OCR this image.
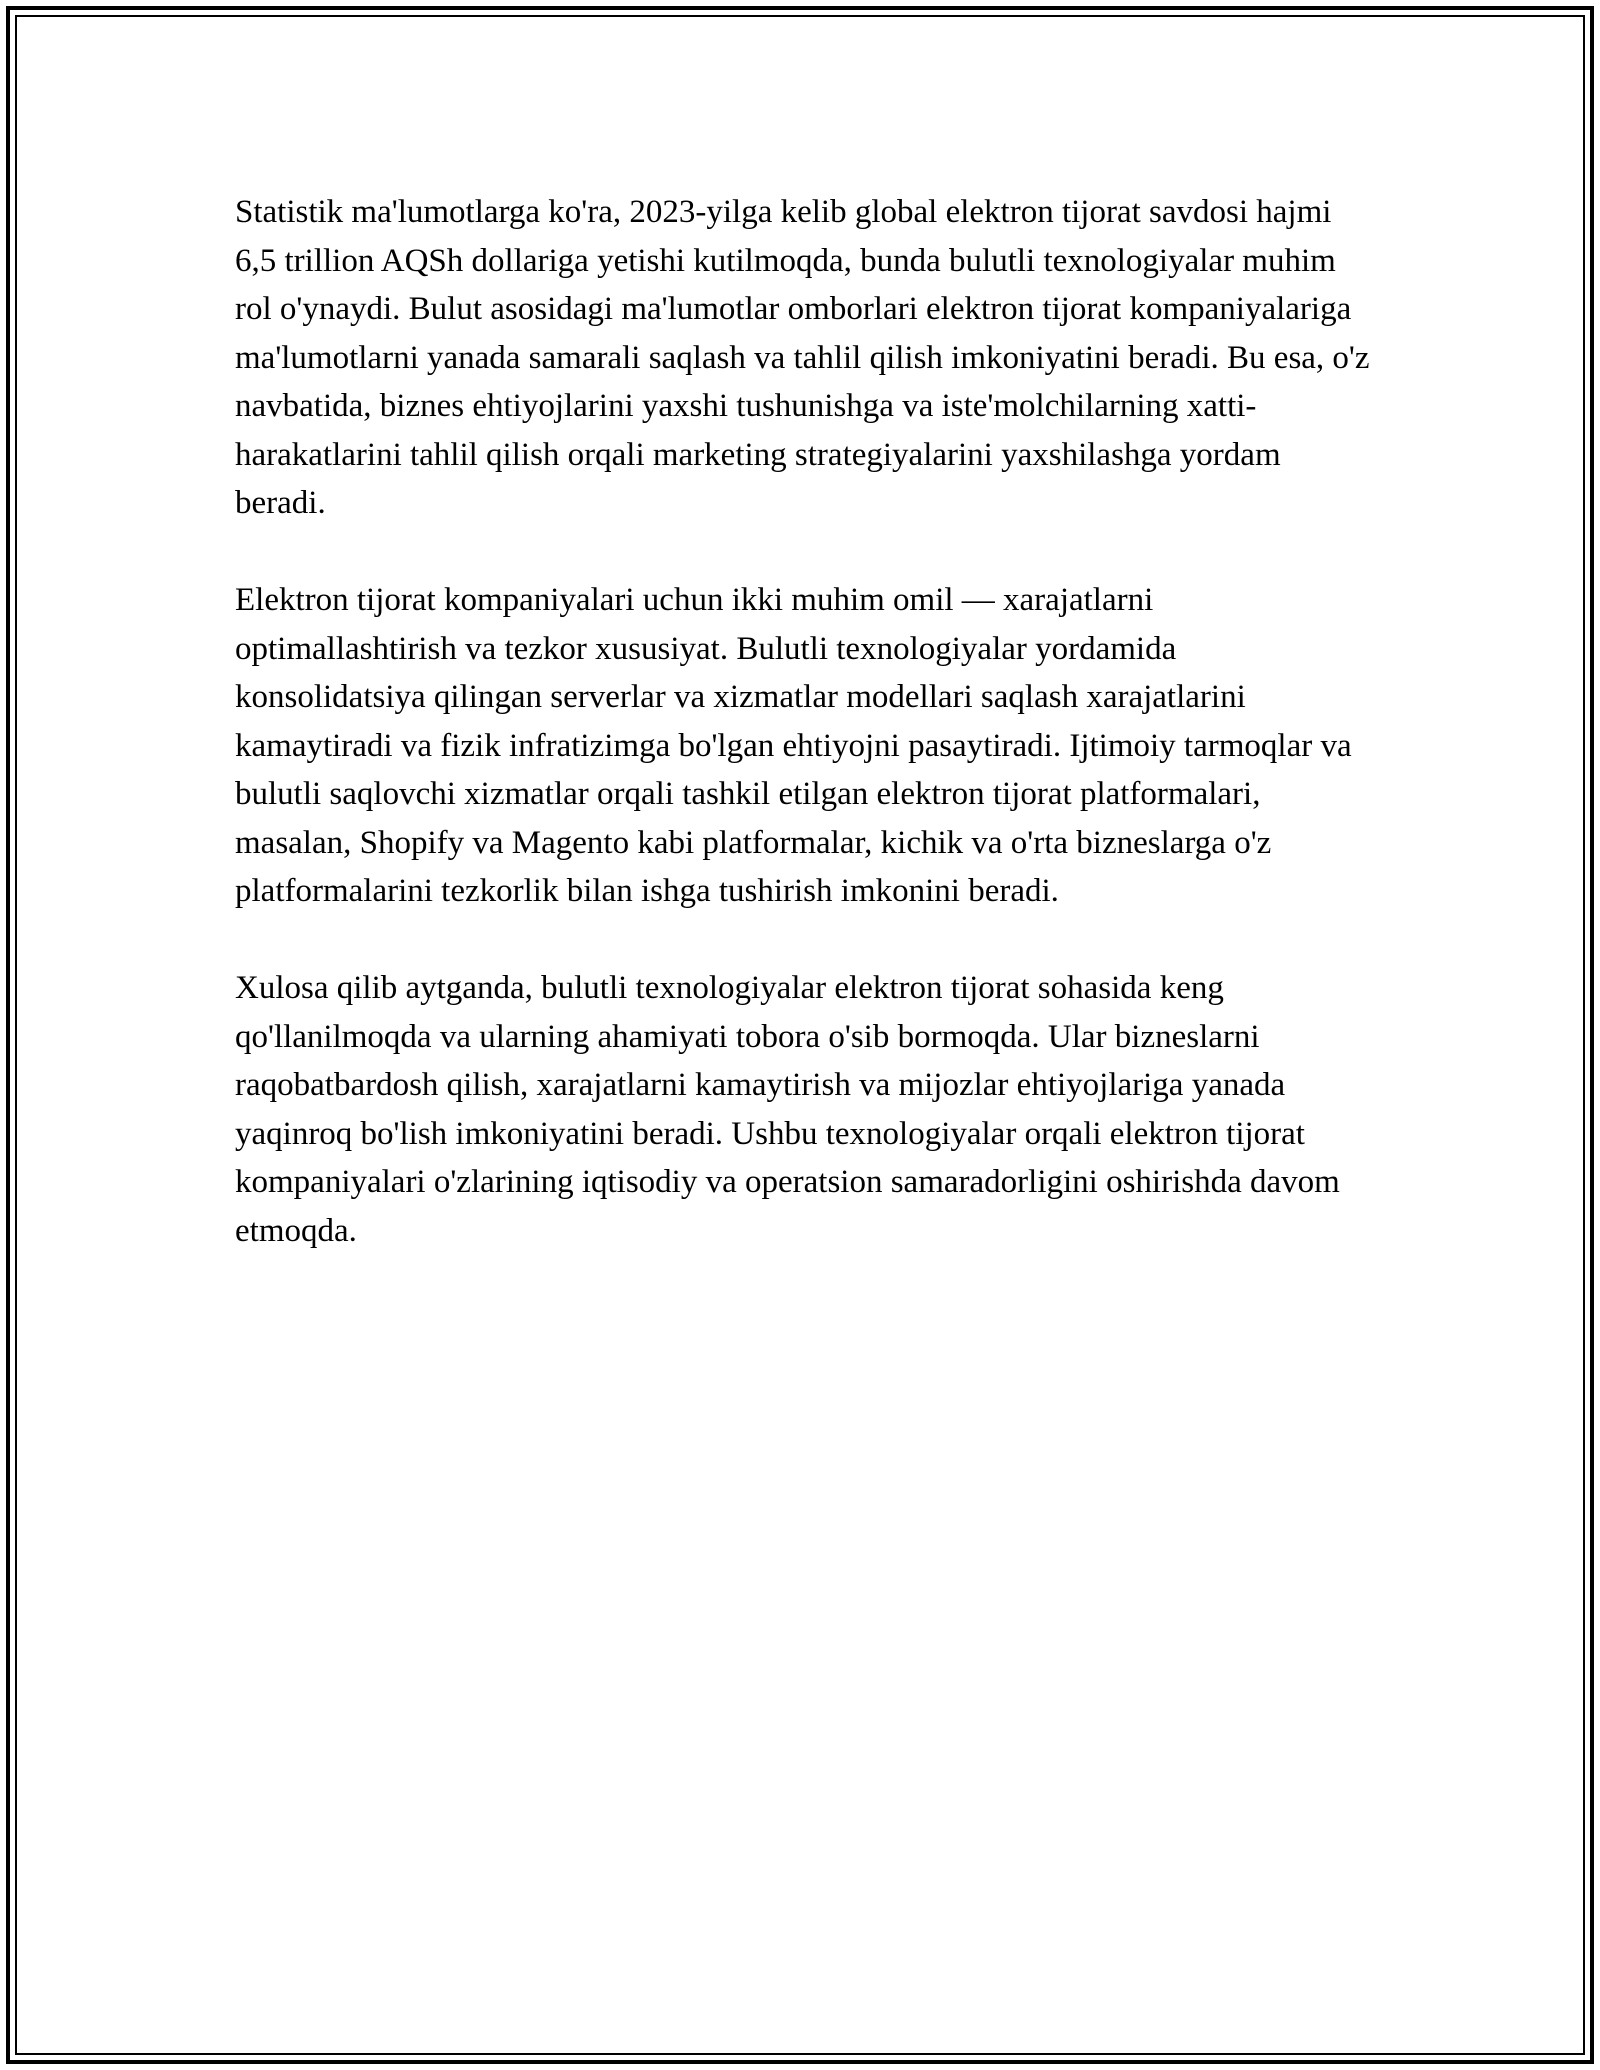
Statistik ma'lumotlarga ko'ra, 2023-yilga kelib global elektron tijorat savdosi hajmi 6,5 trillion AQSh dollariga yetishi kutilmoqda, bunda bulutli texnologiyalar muhim rol o'ynaydi. Bulut asosidagi ma'lumotlar omborlari elektron tijorat kompaniyalariga ma'lumotlarni yanada samarali saqlash va tahlil qilish imkoniyatini beradi. Bu esa, o'z navbatida, biznes ehtiyojlarini yaxshi tushunishga va iste'molchilarning xatti-harakatlarini tahlil qilish orqali marketing strategiyalarini yaxshilashga yordam beradi.

Elektron tijorat kompaniyalari uchun ikki muhim omil — xarajatlarni optimallashtirish va tezkor xususiyat. Bulutli texnologiyalar yordamida konsolidatsiya qilingan serverlar va xizmatlar modellari saqlash xarajatlarini kamaytiradi va fizik infratizimga bo'lgan ehtiyojni pasaytiradi. Ijtimoiy tarmoqlar va bulutli saqlovchi xizmatlar orqali tashkil etilgan elektron tijorat platformalari, masalan, Shopify va Magento kabi platformalar, kichik va o'rta bizneslarga o'z platformalarini tezkorlik bilan ishga tushirish imkonini beradi.

Xulosa qilib aytganda, bulutli texnologiyalar elektron tijorat sohasida keng qo'llanilmoqda va ularning ahamiyati tobora o'sib bormoqda. Ular bizneslarni raqobatbardosh qilish, xarajatlarni kamaytirish va mijozlar ehtiyojlariga yanada yaqinroq bo'lish imkoniyatini beradi. Ushbu texnologiyalar orqali elektron tijorat kompaniyalari o'zlarining iqtisodiy va operatsion samaradorligini oshirishda davom etmoqda.
